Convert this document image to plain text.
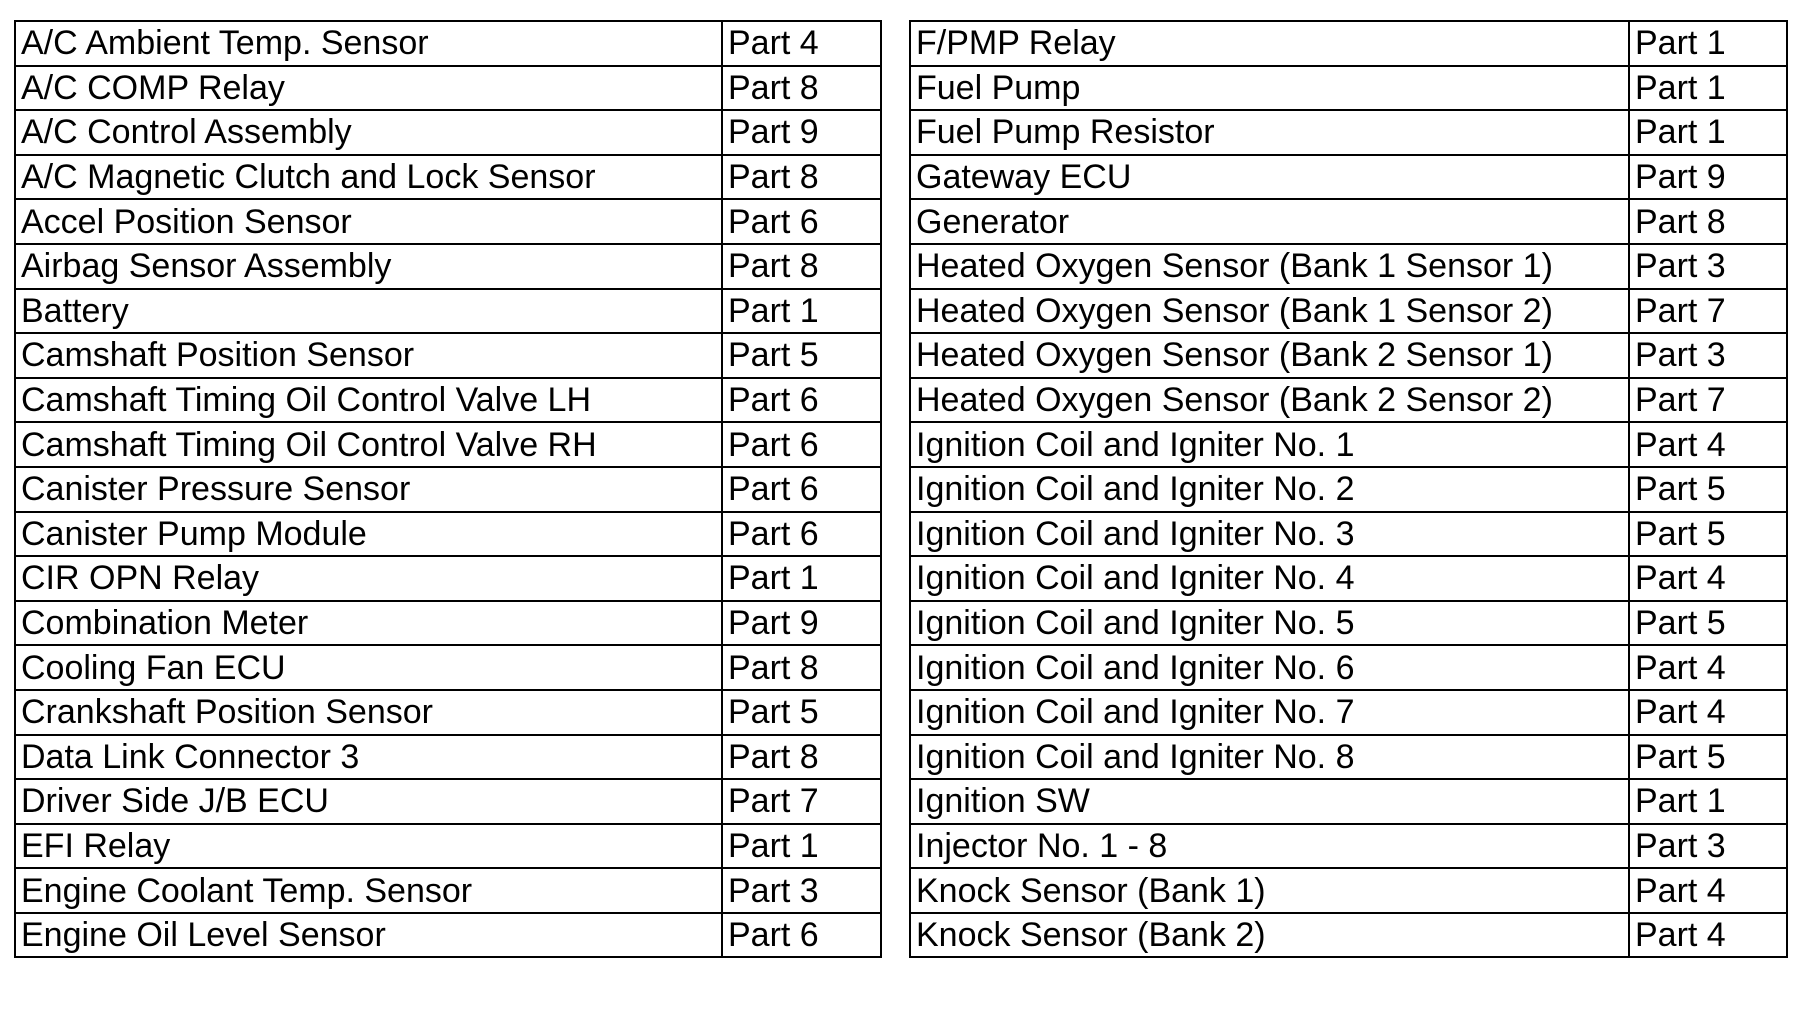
A/C Ambient Temp. Sensor	Part 4
A/C COMP Relay	Part 8
A/C Control Assembly	Part 9
A/C Magnetic Clutch and Lock Sensor	Part 8
Accel Position Sensor	Part 6
Airbag Sensor Assembly	Part 8
Battery	Part 1
Camshaft Position Sensor	Part 5
Camshaft Timing Oil Control Valve LH	Part 6
Camshaft Timing Oil Control Valve RH	Part 6
Canister Pressure Sensor	Part 6
Canister Pump Module	Part 6
CIR OPN Relay	Part 1
Combination Meter	Part 9
Cooling Fan ECU	Part 8
Crankshaft Position Sensor	Part 5
Data Link Connector 3	Part 8
Driver Side J/B ECU	Part 7
EFI Relay	Part 1
Engine Coolant Temp. Sensor	Part 3
Engine Oil Level Sensor	Part 6
F/PMP Relay	Part 1
Fuel Pump	Part 1
Fuel Pump Resistor	Part 1
Gateway ECU	Part 9
Generator	Part 8
Heated Oxygen Sensor (Bank 1 Sensor 1)	Part 3
Heated Oxygen Sensor (Bank 1 Sensor 2)	Part 7
Heated Oxygen Sensor (Bank 2 Sensor 1)	Part 3
Heated Oxygen Sensor (Bank 2 Sensor 2)	Part 7
Ignition Coil and Igniter No. 1	Part 4
Ignition Coil and Igniter No. 2	Part 5
Ignition Coil and Igniter No. 3	Part 5
Ignition Coil and Igniter No. 4	Part 4
Ignition Coil and Igniter No. 5	Part 5
Ignition Coil and Igniter No. 6	Part 4
Ignition Coil and Igniter No. 7	Part 4
Ignition Coil and Igniter No. 8	Part 5
Ignition SW	Part 1
Injector No. 1 - 8	Part 3
Knock Sensor (Bank 1)	Part 4
Knock Sensor (Bank 2)	Part 4
